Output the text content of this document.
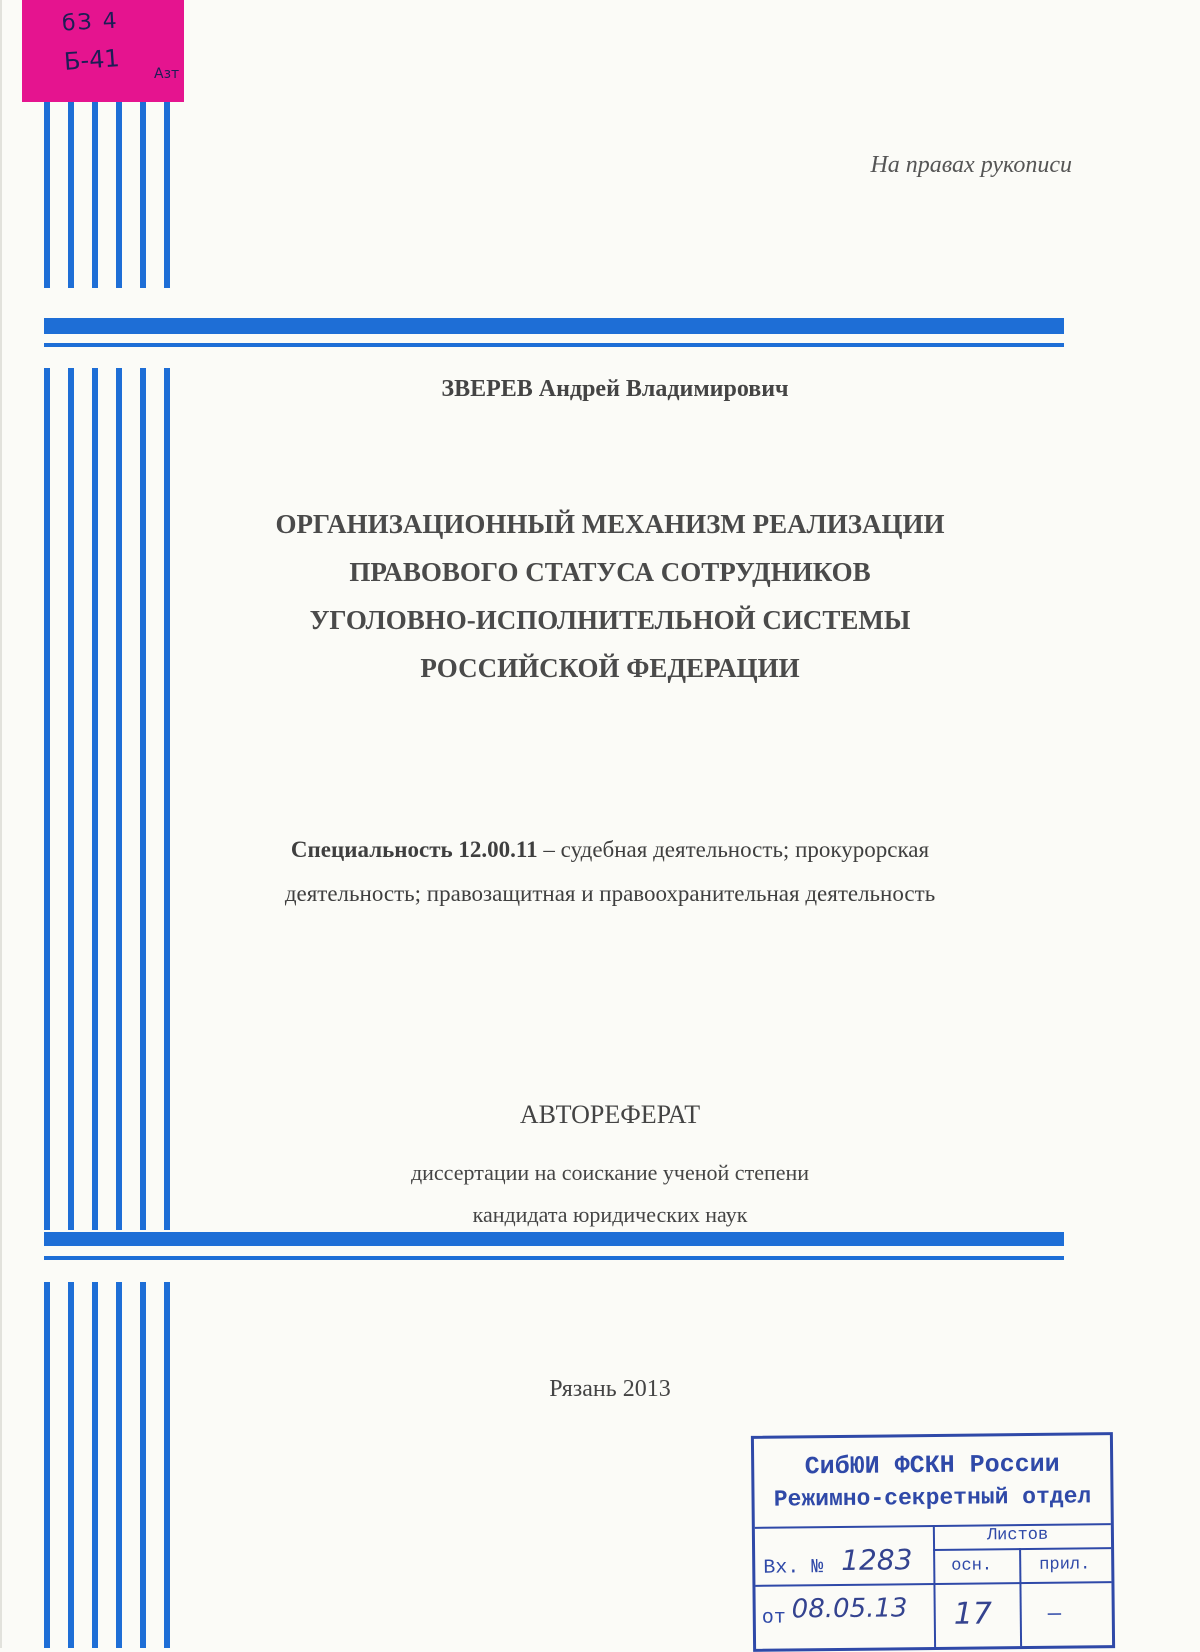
бЗ 4
Б-41 Азт
На правах рукописи
ЗВЕРЕВ Андрей Владимирович
ОРГАНИЗАЦИОННЫЙ МЕХАНИЗМ РЕАЛИЗАЦИИ
ПРАВОВОГО СТАТУСА СОТРУДНИКОВ
УГОЛОВНО-ИСПОЛНИТЕЛЬНОЙ СИСТЕМЫ
РОССИЙСКОЙ ФЕДЕРАЦИИ
Специальность 12.00.11 – судебная деятельность; прокурорская
деятельность; правозащитная и правоохранительная деятельность
АВТОРЕФЕРАТ
диссертации на соискание ученой степени
кандидата юридических наук
Рязань 2013
СибЮИ ФСКН России
Режимно-секретный отдел
Листов
осн.	прил.
Вх. № 1283
от 08.05.13 17	—
